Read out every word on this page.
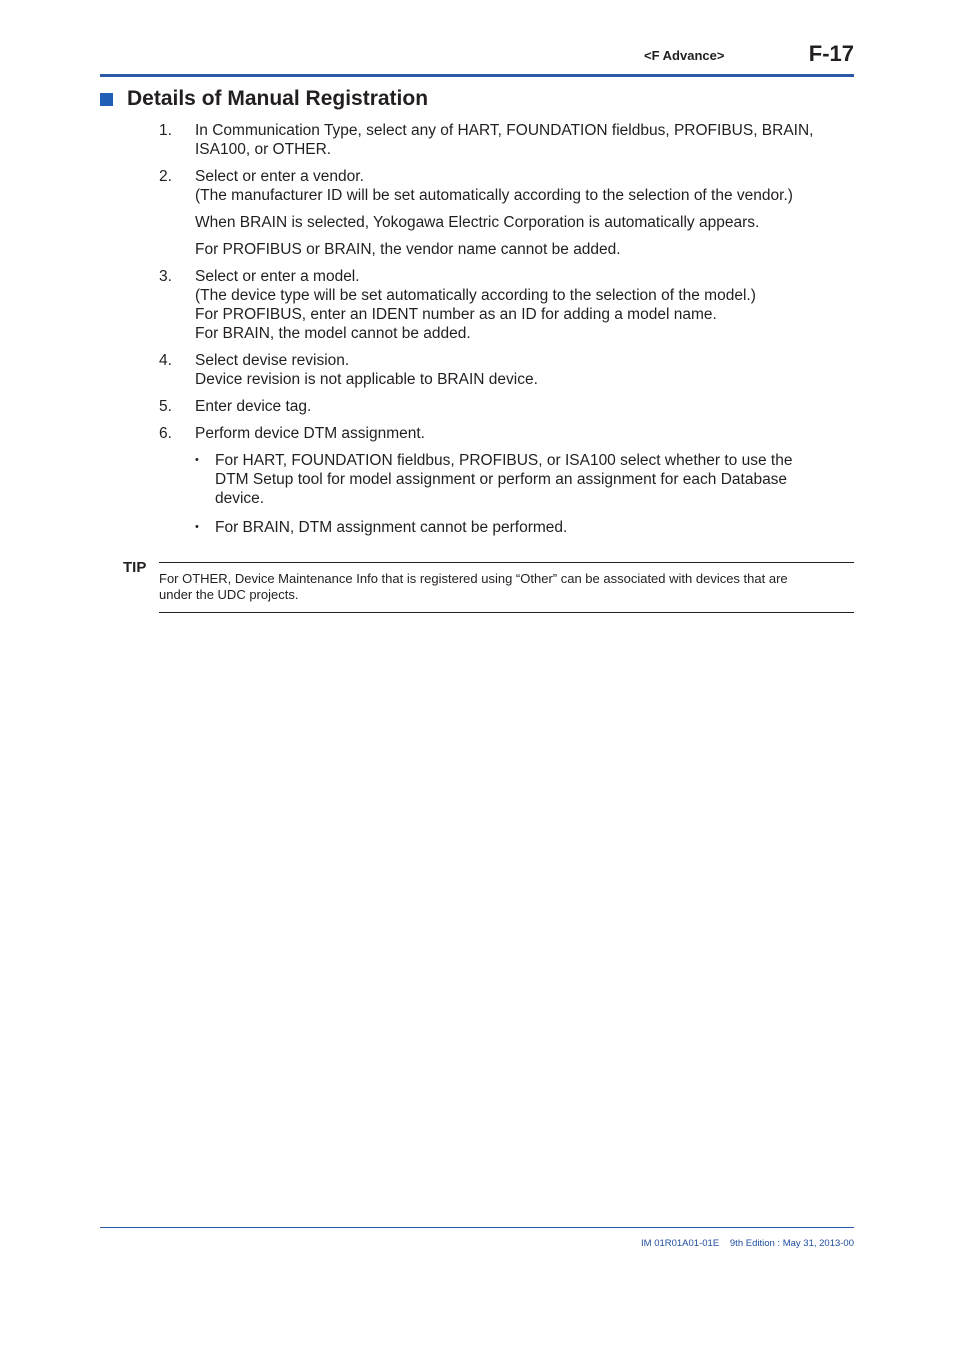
<F Advance>	F-17
Details of Manual Registration
1. In Communication Type, select any of HART, FOUNDATION fieldbus, PROFIBUS, BRAIN,
ISA100, or OTHER.
2. Select or enter a vendor.
(The manufacturer ID will be set automatically according to the selection of the vendor.)
When BRAIN is selected, Yokogawa Electric Corporation is automatically appears.
For PROFIBUS or BRAIN, the vendor name cannot be added.
3. Select or enter a model.
(The device type will be set automatically according to the selection of the model.)
For PROFIBUS, enter an IDENT number as an ID for adding a model name.
For BRAIN, the model cannot be added.
4. Select devise revision.
Device revision is not applicable to BRAIN device.
5. Enter device tag.
6. Perform device DTM assignment.
• For HART, FOUNDATION fieldbus, PROFIBUS, or ISA100 select whether to use the
DTM Setup tool for model assignment or perform an assignment for each Database
device.
• For BRAIN, DTM assignment cannot be performed.
TIP
For OTHER, Device Maintenance Info that is registered using “Other” can be associated with devices that are
under the UDC projects.
IM 01R01A01-01E 9th Edition : May 31, 2013-00
